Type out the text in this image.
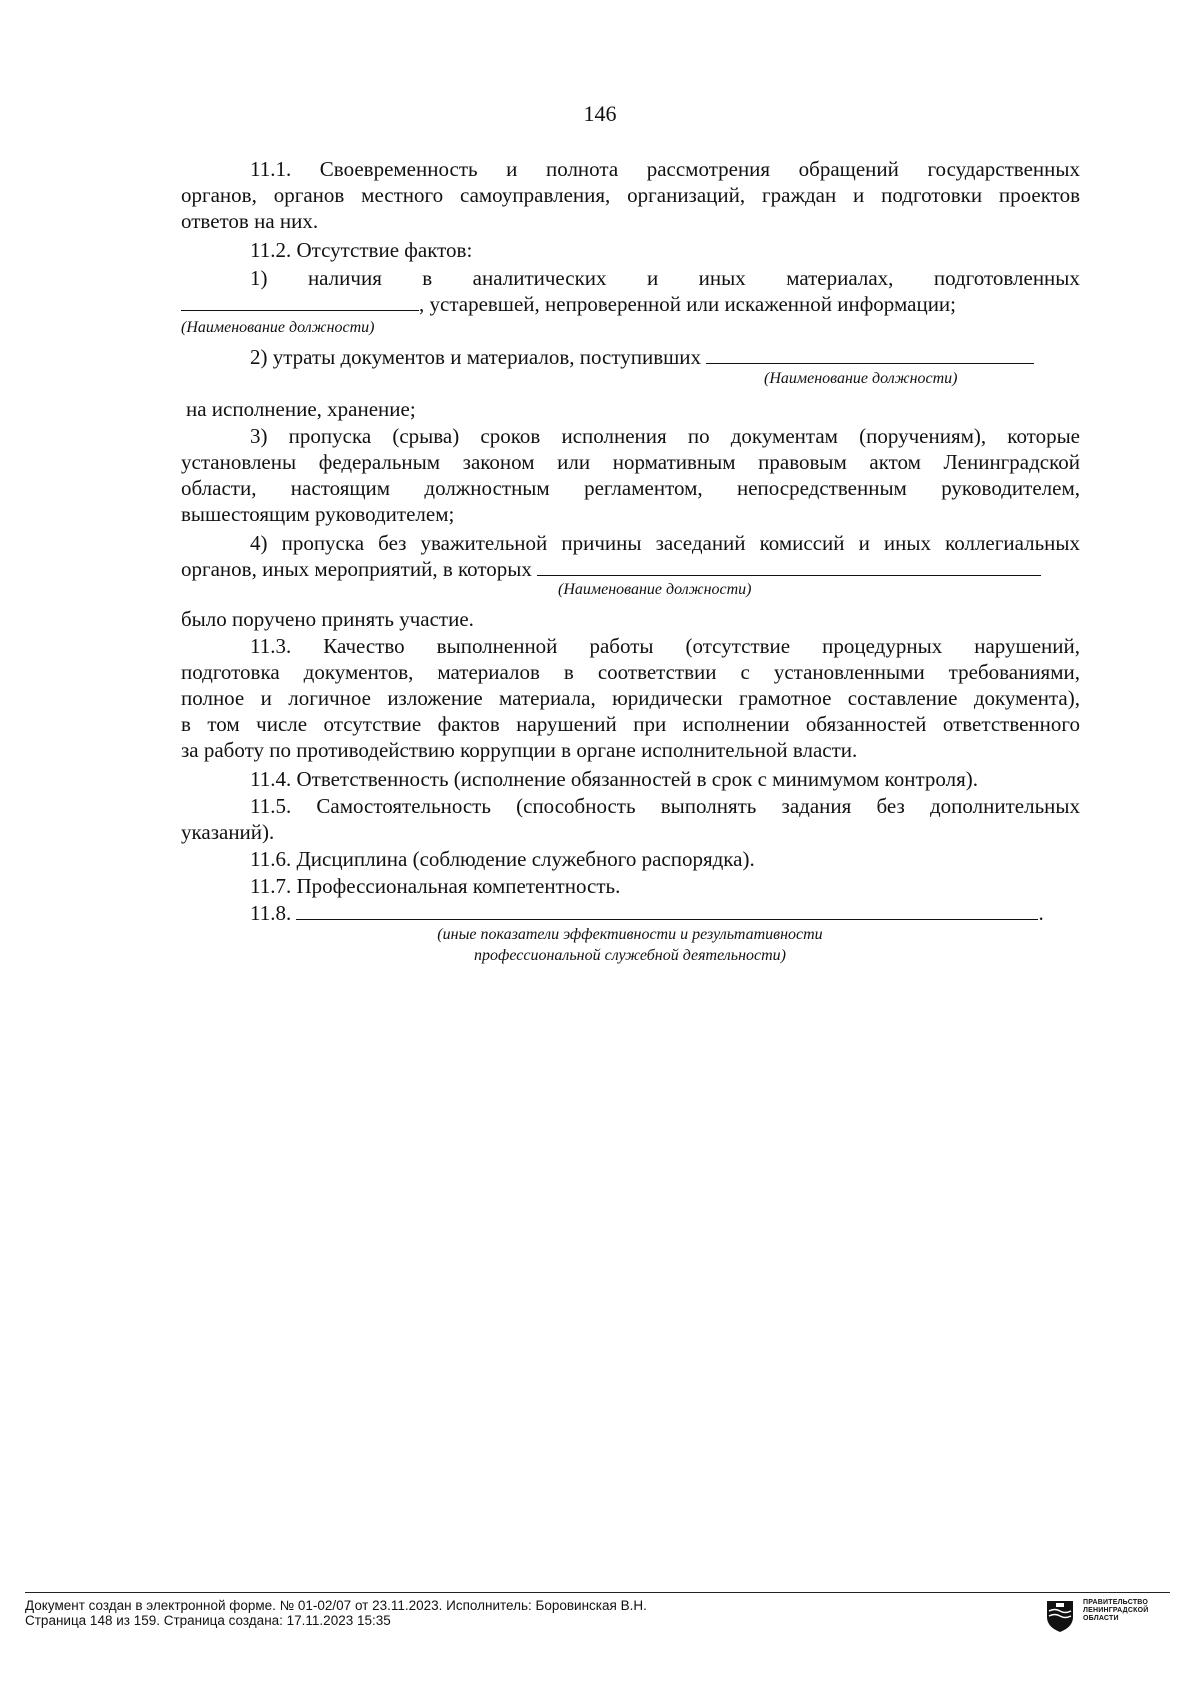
146
11.1. Своевременность и полнота рассмотрения обращений государственных
органов, органов местного самоуправления, организаций, граждан и подготовки проектов
ответов на них.
11.2. Отсутствие фактов:
1) наличия в аналитических и иных материалах, подготовленных
, устаревшей, непроверенной или искаженной информации;
(Наименование должности)
2) утраты документов и материалов, поступивших
(Наименование должности)
на исполнение, хранение;
3) пропуска (срыва) сроков исполнения по документам (поручениям), которые
установлены федеральным законом или нормативным правовым актом Ленинградской
области, настоящим должностным регламентом, непосредственным руководителем,
вышестоящим руководителем;
4) пропуска без уважительной причины заседаний комиссий и иных коллегиальных
органов, иных мероприятий, в которых
(Наименование должности)
было поручено принять участие.
11.3. Качество выполненной работы (отсутствие процедурных нарушений,
подготовка документов, материалов в соответствии с установленными требованиями,
полное и логичное изложение материала, юридически грамотное составление документа),
в том числе отсутствие фактов нарушений при исполнении обязанностей ответственного
за работу по противодействию коррупции в органе исполнительной власти.
11.4. Ответственность (исполнение обязанностей в срок с минимумом контроля).
11.5. Самостоятельность (способность выполнять задания без дополнительных
указаний).
11.6. Дисциплина (соблюдение служебного распорядка).
11.7. Профессиональная компетентность.
11.8.	.
(иные показатели эффективности и результативности
профессиональной служебной деятельности)
Документ создан в электронной форме. № 01-02/07 от 23.11.2023. Исполнитель: Боровинская В.Н.
Страница 148 из 159. Страница создана: 17.11.2023 15:35
ПРАВИТЕЛЬСТВО
ЛЕНИНГРАДСКОЙ
ОБЛАСТИ
